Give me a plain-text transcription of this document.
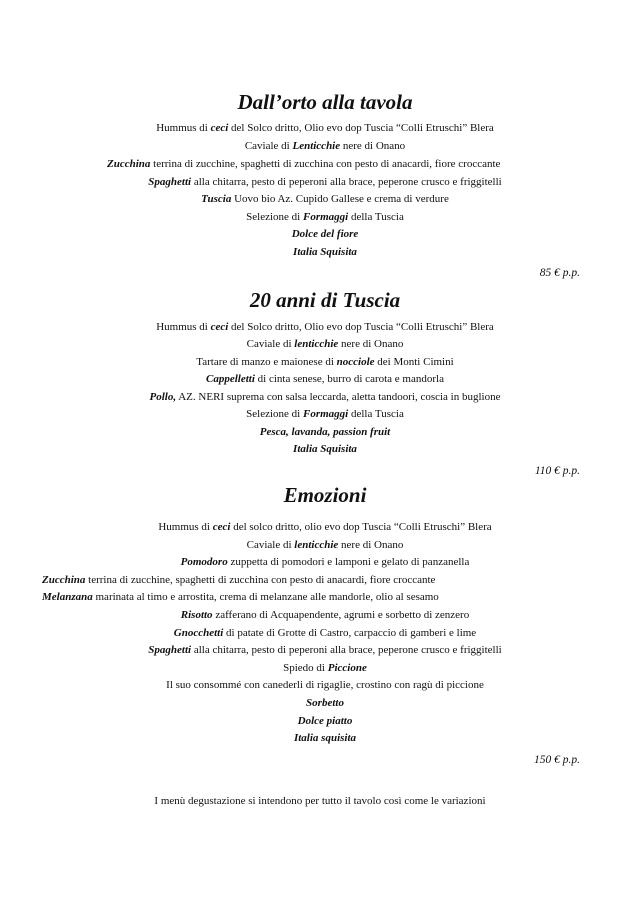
Dall’orto alla tavola
Hummus di ceci del Solco dritto, Olio evo dop Tuscia “Colli Etruschi” Blera
Caviale di Lenticchie nere di Onano
Zucchina terrina di zucchine, spaghetti di zucchina con pesto di anacardi, fiore croccante
Spaghetti alla chitarra, pesto di peperoni alla brace, peperone crusco e friggitelli
Tuscia Uovo bio Az. Cupido Gallese e crema di verdure
Selezione di Formaggi della Tuscia
Dolce del fiore
Italia Squisita
85 € p.p.
20 anni di Tuscia
Hummus di ceci del Solco dritto, Olio evo dop Tuscia “Colli Etruschi” Blera
Caviale di lenticchie nere di Onano
Tartare di manzo e maionese di nocciole dei Monti Cimini
Cappelletti di cinta senese, burro di carota e mandorla
Pollo, AZ. NERI suprema con salsa leccarda, aletta tandoori, coscia in buglione
Selezione di Formaggi della Tuscia
Pesca, lavanda, passion fruit
Italia Squisita
110 € p.p.
Emozioni
Hummus di ceci del solco dritto, olio evo dop Tuscia “Colli Etruschi” Blera
Caviale di lenticchie nere di Onano
Pomodoro zuppetta di pomodori e lamponi e gelato di panzanella
Zucchina terrina di zucchine, spaghetti di zucchina con pesto di anacardi, fiore croccante
Melanzana marinata al timo e arrostita, crema di melanzane alle mandorle, olio al sesamo
Risotto zafferano di Acquapendente, agrumi e sorbetto di zenzero
Gnocchetti di patate di Grotte di Castro, carpaccio di gamberi e lime
Spaghetti alla chitarra, pesto di peperoni alla brace, peperone crusco e friggitelli
Spiedo di Piccione
Il suo consommé con canederli di rigaglie, crostino con ragù di piccione
Sorbetto
Dolce piatto
Italia squisita
150 € p.p.
I menù degustazione si intendono per tutto il tavolo così come le variazioni
